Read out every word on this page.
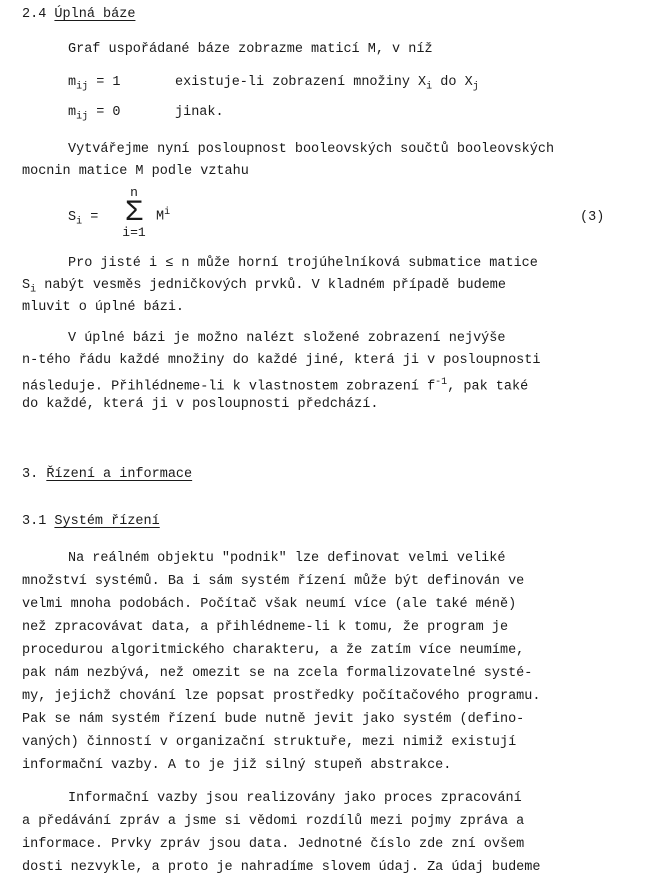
2.4 Úplná báze
Graf uspořádané báze zobrazme maticí M, v níž
$m_{ij} = 1$	existuje-li zobrazení množiny $X_i$ do $X_j$
$m_{ij} = 0$	jinak.
Vytvářejme nyní posloupnost booleovských součtů booleovských
mocnin matice M podle vztahu
$S_i$ =
n
Σ
i=1
$M^i$	(3)
Pro jisté i ≤ n může horní trojúhelníková submatice matice
$S_i$ nabýt vesměs jedničkových prvků. V kladném případě budeme
mluvit o úplné bázi.
V úplné bázi je možno nalézt složené zobrazení nejvýše
n-tého řádu každé množiny do každé jiné, která ji v posloupnosti
následuje. Přihlédneme-li k vlastnostem zobrazení $f^{-1}$, pak také
do každé, která ji v posloupnosti předchází.
3. Řízení a informace
3.1 Systém řízení
Na reálném objektu "podnik" lze definovat velmi veliké
množství systémů. Ba i sám systém řízení může být definován ve
velmi mnoha podobách. Počítač však neumí více (ale také méně)
než zpracovávat data, a přihlédneme-li k tomu, že program je
procedurou algoritmického charakteru, a že zatím více neumíme,
pak nám nezbývá, než omezit se na zcela formalizovatelné systé-
my, jejichž chování lze popsat prostředky počítačového programu.
Pak se nám systém řízení bude nutně jevit jako systém (defino-
vaných) činností v organizační struktuře, mezi nimiž existují
informační vazby. A to je již silný stupeň abstrakce.
Informační vazby jsou realizovány jako proces zpracování
a předávání zpráv a jsme si vědomi rozdílů mezi pojmy zpráva a
informace. Prvky zpráv jsou data. Jednotné číslo zde zní ovšem
dosti nezvykle, a proto je nahradíme slovem údaj. Za údaj budeme
